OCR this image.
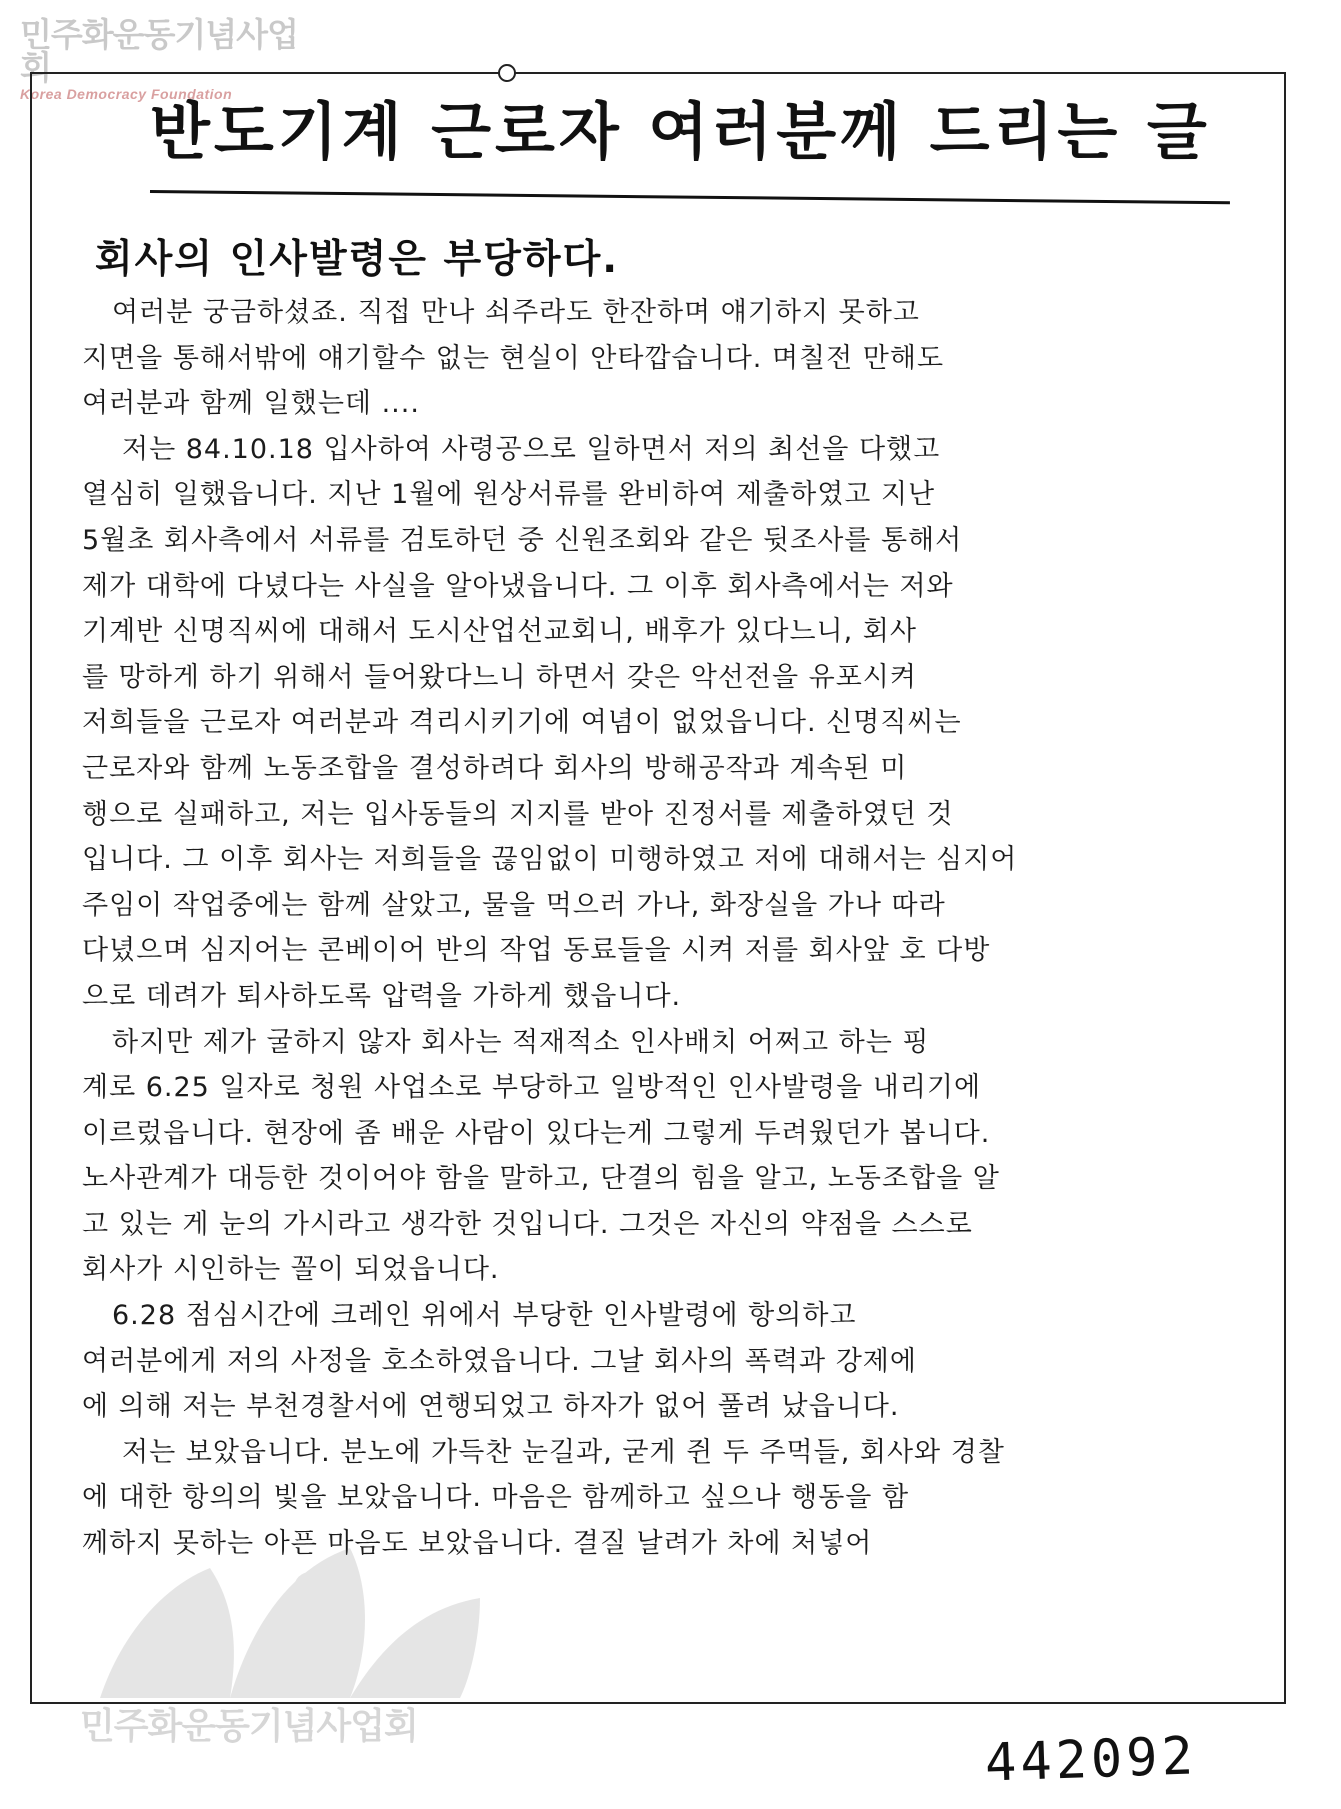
민주화운동기념사업회
Korea Democracy Foundation
반도기계 근로자 여러분께 드리는 글
회사의 인사발령은 부당하다.
여러분 궁금하셨죠. 직접 만나 쇠주라도 한잔하며 얘기하지 못하고
지면을 통해서밖에 얘기할수 없는 현실이 안타깝습니다. 며칠전 만해도
여러분과 함께 일했는데 ....
저는 84.10.18 입사하여 사령공으로 일하면서 저의 최선을 다했고
열심히 일했읍니다. 지난 1월에 원상서류를 완비하여 제출하였고 지난
5월초 회사측에서 서류를 검토하던 중 신원조회와 같은 뒷조사를 통해서
제가 대학에 다녔다는 사실을 알아냈읍니다. 그 이후 회사측에서는 저와
기계반 신명직씨에 대해서 도시산업선교회니, 배후가 있다느니, 회사
를 망하게 하기 위해서 들어왔다느니 하면서 갖은 악선전을 유포시켜
저희들을 근로자 여러분과 격리시키기에 여념이 없었읍니다. 신명직씨는
근로자와 함께 노동조합을 결성하려다 회사의 방해공작과 계속된 미
행으로 실패하고, 저는 입사동들의 지지를 받아 진정서를 제출하였던 것
입니다. 그 이후 회사는 저희들을 끊임없이 미행하였고 저에 대해서는 심지어
주임이 작업중에는 함께 살았고, 물을 먹으러 가나, 화장실을 가나 따라
다녔으며 심지어는 콘베이어 반의 작업 동료들을 시켜 저를 회사앞 호 다방
으로 데려가 퇴사하도록 압력을 가하게 했읍니다.
하지만 제가 굴하지 않자 회사는 적재적소 인사배치 어쩌고 하는 핑
계로 6.25 일자로 청원 사업소로 부당하고 일방적인 인사발령을 내리기에
이르렀읍니다. 현장에 좀 배운 사람이 있다는게 그렇게 두려웠던가 봅니다.
노사관계가 대등한 것이어야 함을 말하고, 단결의 힘을 알고, 노동조합을 알
고 있는 게 눈의 가시라고 생각한 것입니다. 그것은 자신의 약점을 스스로
회사가 시인하는 꼴이 되었읍니다.
6.28 점심시간에 크레인 위에서 부당한 인사발령에 항의하고
여러분에게 저의 사정을 호소하였읍니다. 그날 회사의 폭력과 강제에
에 의해 저는 부천경찰서에 연행되었고 하자가 없어 풀려 났읍니다.
저는 보았읍니다. 분노에 가득찬 눈길과, 굳게 쥔 두 주먹들, 회사와 경찰
에 대한 항의의 빛을 보았읍니다. 마음은 함께하고 싶으나 행동을 함
께하지 못하는 아픈 마음도 보았읍니다. 결질 날려가 차에 처넣어
민주화운동기념사업회	442092
